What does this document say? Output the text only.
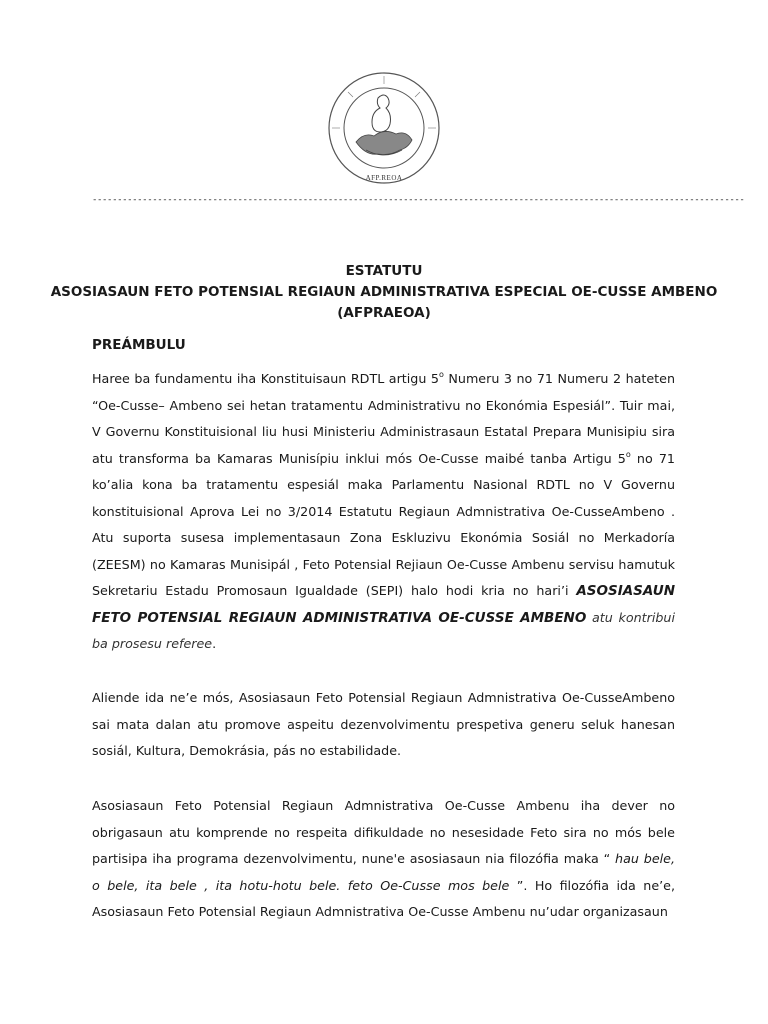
AFP.REOA
----------------------------------------------------------------------------------------------------------------------------------
ESTATUTU
ASOSIASAUN FETO POTENSIAL REGIAUN ADMINISTRATIVA ESPECIAL OE-CUSSE AMBENO
(AFPRAEOA)
PREÁMBULU

Haree ba fundamentu iha Konstituisaun RDTL artigu 5$^o$ Numeru 3 no 71 Numeru 2 hateten “Oe-Cusse– Ambeno sei hetan tratamentu Administrativu no Ekonómia Espesiál”. Tuir mai, V Governu Konstituisional liu husi Ministeriu Administrasaun Estatal Prepara Munisipiu sira atu transforma ba Kamaras Munisípiu inklui mós Oe-Cusse maibé tanba Artigu 5$^o$ no 71 ko’alia kona ba tratamentu espesiál maka Parlamentu Nasional RDTL no V Governu konstituisional Aprova Lei no 3/2014 Estatutu Regiaun Admnistrativa Oe-CusseAmbeno . Atu suporta susesa implementasaun Zona Eskluzivu Ekonómia Sosiál no Merkadoría (ZEESM) no Kamaras Munisipál , Feto Potensial Rejiaun Oe-Cusse Ambenu servisu hamutuk Sekretariu Estadu Promosaun Igualdade (SEPI) halo hodi kria no hari’i ASOSIASAUN FETO POTENSIAL REGIAUN ADMINISTRATIVA OE-CUSSE AMBENO atu kontribui ba prosesu referee.

Aliende ida ne’e mós, Asosiasaun Feto Potensial Regiaun Admnistrativa Oe-CusseAmbeno sai mata dalan atu promove aspeitu dezenvolvimentu prespetiva generu seluk hanesan sosiál, Kultura, Demokrásia, pás no estabilidade.

Asosiasaun Feto Potensial Regiaun Admnistrativa Oe-Cusse Ambenu iha dever no obrigasaun atu komprende no respeita difikuldade no nesesidade Feto sira no mós bele partisipa iha programa dezenvolvimentu, nune'e asosiasaun nia filozófia maka “ hau bele, o bele, ita bele , ita hotu-hotu bele. feto Oe-Cusse mos bele ”. Ho filozófia ida ne’e, Asosiasaun Feto Potensial Regiaun Admnistrativa Oe-Cusse Ambenu nu’udar organizasaun
